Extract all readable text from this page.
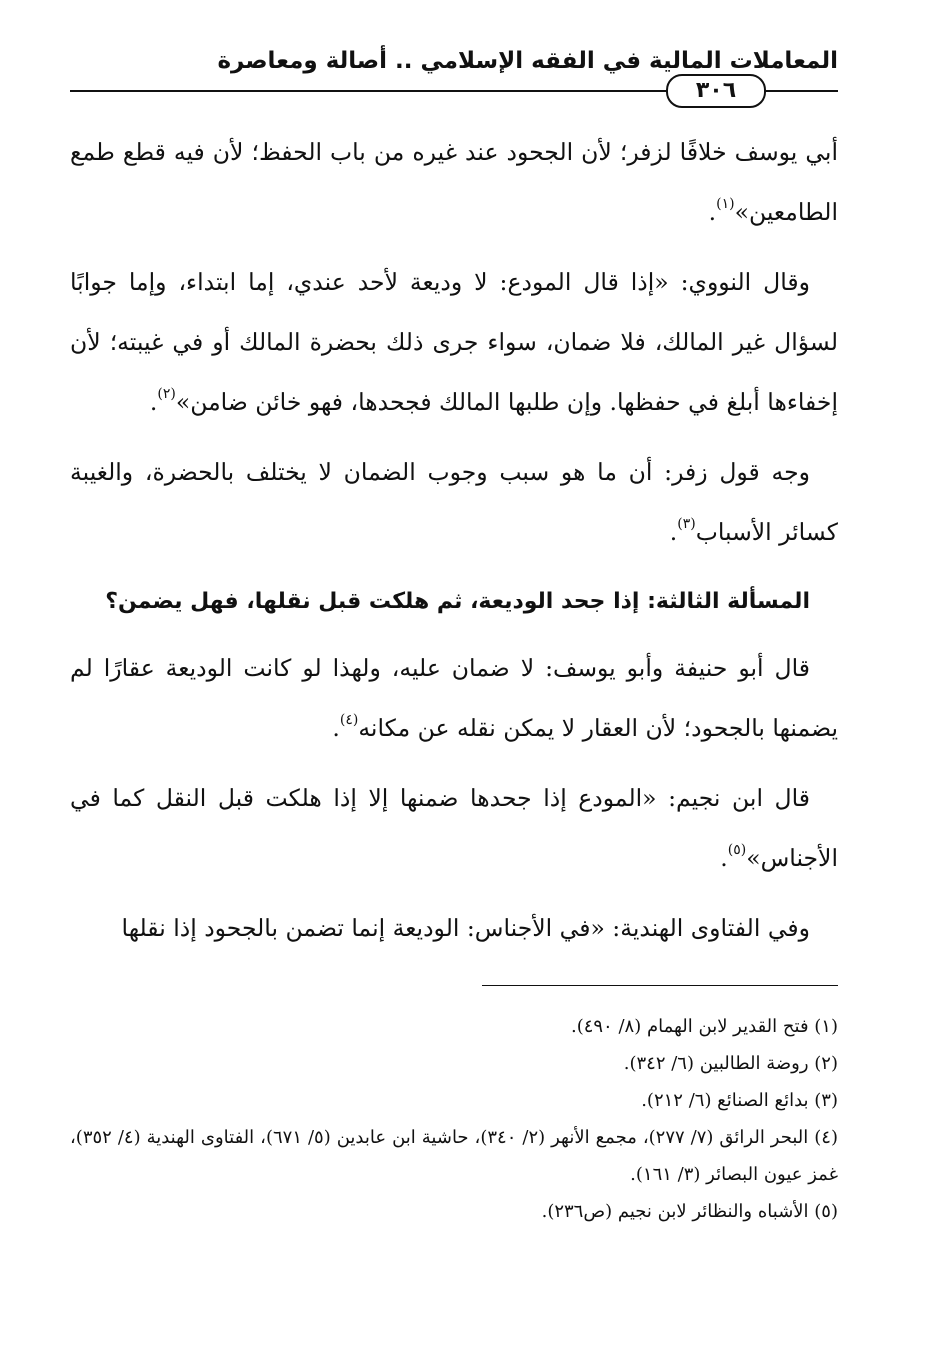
المعاملات المالية في الفقه الإسلامي .. أصالة ومعاصرة
٣٠٦

أبي يوسف خلافًا لزفر؛ لأن الجحود عند غيره من باب الحفظ؛ لأن فيه قطع طمع الطامعين»$^{(١)}$.

وقال النووي: «إذا قال المودع: لا وديعة لأحد عندي، إما ابتداء، وإما جوابًا لسؤال غير المالك، فلا ضمان، سواء جرى ذلك بحضرة المالك أو في غيبته؛ لأن إخفاءها أبلغ في حفظها. وإن طلبها المالك فجحدها، فهو خائن ضامن»$^{(٢)}$.

وجه قول زفر: أن ما هو سبب وجوب الضمان لا يختلف بالحضرة، والغيبة كسائر الأسباب$^{(٣)}$.

المسألة الثالثة: إذا جحد الوديعة، ثم هلكت قبل نقلها، فهل يضمن؟

قال أبو حنيفة وأبو يوسف: لا ضمان عليه، ولهذا لو كانت الوديعة عقارًا لم يضمنها بالجحود؛ لأن العقار لا يمكن نقله عن مكانه$^{(٤)}$.

قال ابن نجيم: «المودع إذا جحدها ضمنها إلا إذا هلكت قبل النقل كما في الأجناس»$^{(٥)}$.

وفي الفتاوى الهندية: «في الأجناس: الوديعة إنما تضمن بالجحود إذا نقلها

(١) فتح القدير لابن الهمام (٨/ ٤٩٠).

(٢) روضة الطالبين (٦/ ٣٤٢).

(٣) بدائع الصنائع (٦/ ٢١٢).

(٤) البحر الرائق (٧/ ٢٧٧)، مجمع الأنهر (٢/ ٣٤٠)، حاشية ابن عابدين (٥/ ٦٧١)، الفتاوى الهندية (٤/ ٣٥٢)، غمز عيون البصائر (٣/ ١٦١).

(٥) الأشباه والنظائر لابن نجيم (ص٢٣٦).
